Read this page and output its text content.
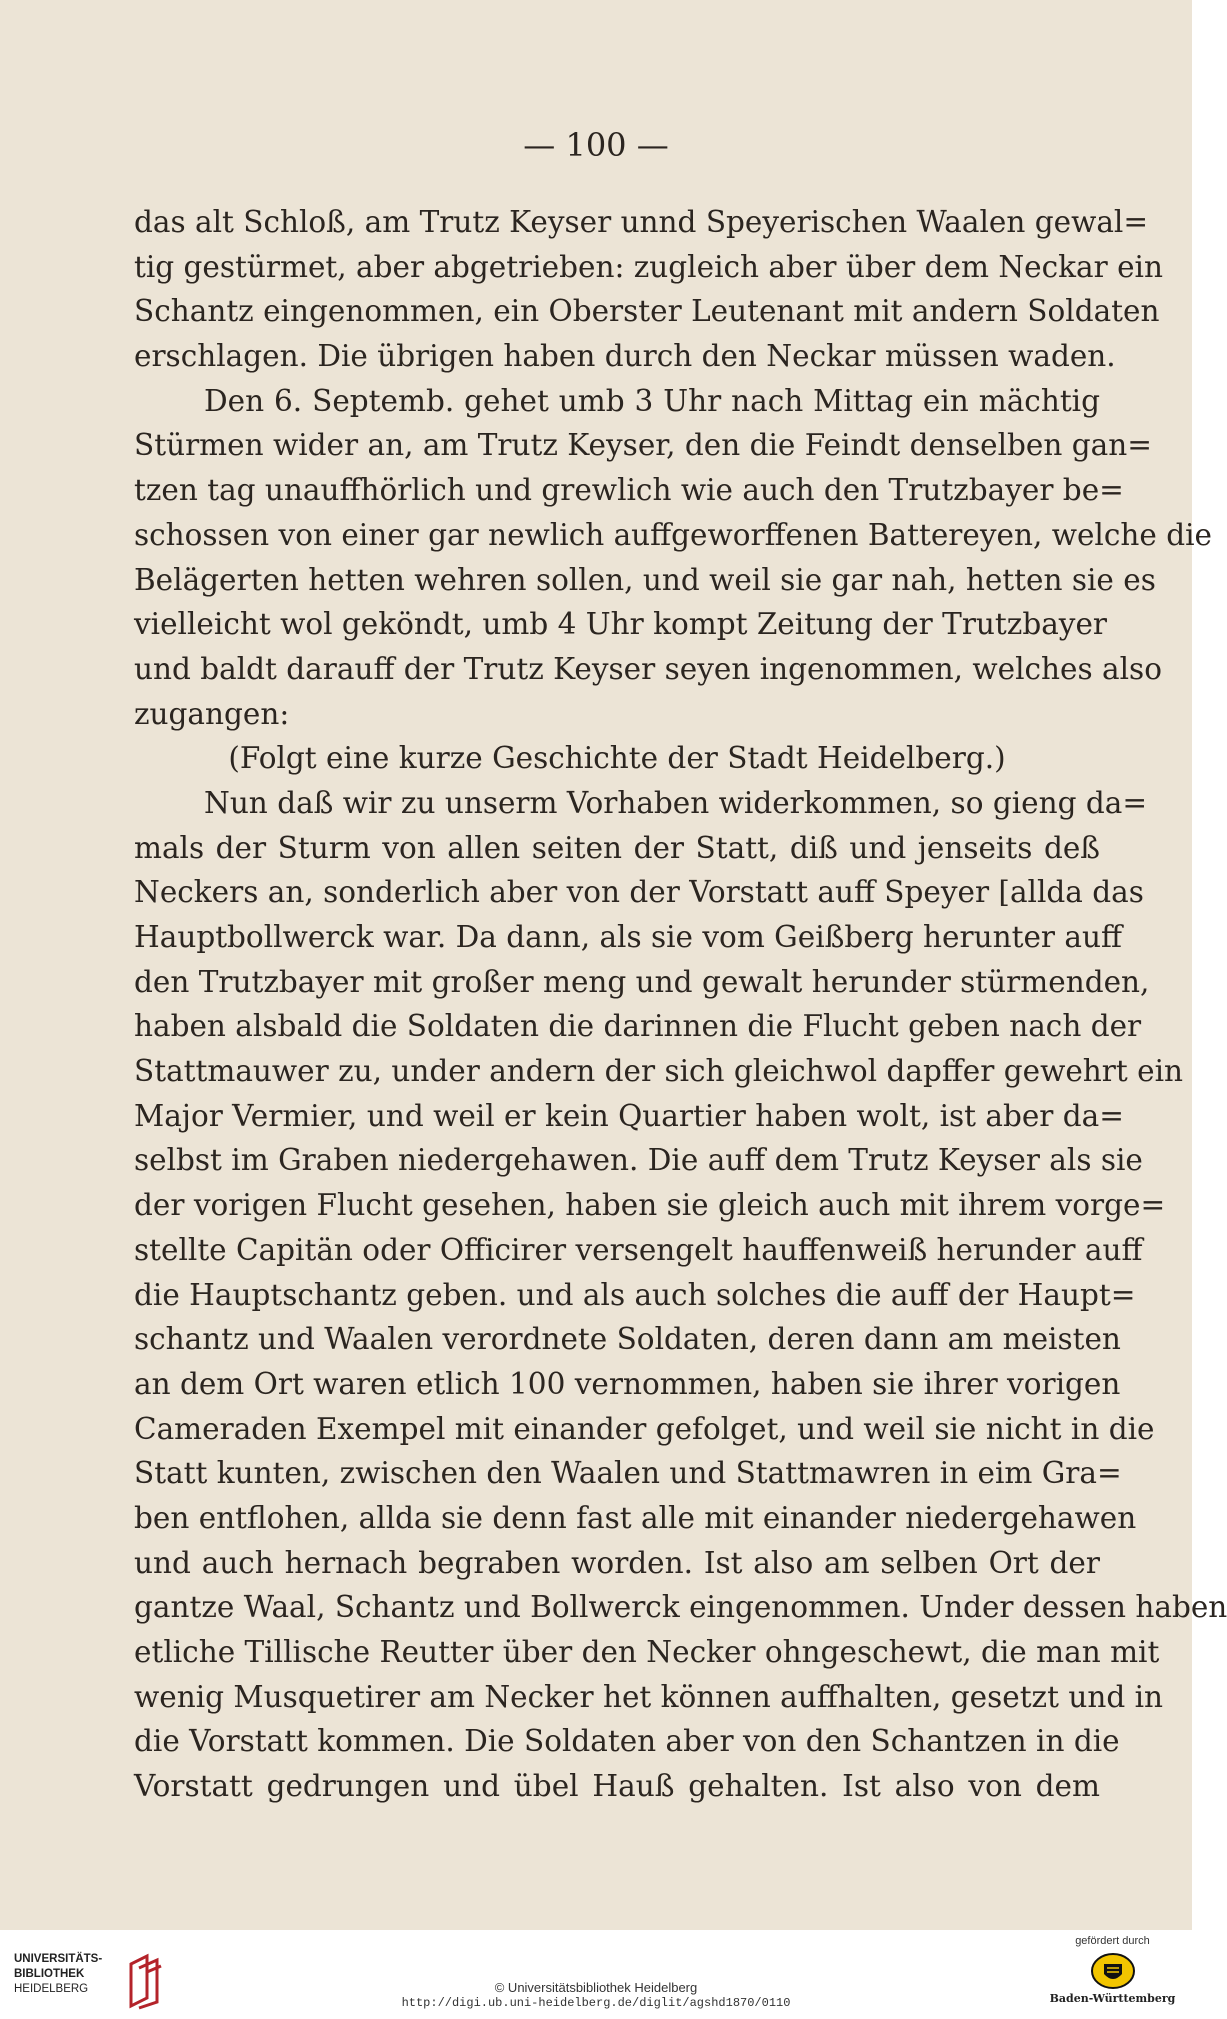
— 100 —
das alt Schloß, am Trutz Keyser unnd Speyerischen Waalen gewal=
tig gestürmet, aber abgetrieben: zugleich aber über dem Neckar ein
Schantz eingenommen, ein Oberster Leutenant mit andern Soldaten
erschlagen. Die übrigen haben durch den Neckar müssen waden.
Den 6. Septemb. gehet umb 3 Uhr nach Mittag ein mächtig
Stürmen wider an, am Trutz Keyser, den die Feindt denselben gan=
tzen tag unauffhörlich und grewlich wie auch den Trutzbayer be=
schossen von einer gar newlich auffgeworffenen Battereyen, welche die
Belägerten hetten wehren sollen, und weil sie gar nah, hetten sie es
vielleicht wol geköndt, umb 4 Uhr kompt Zeitung der Trutzbayer
und baldt darauff der Trutz Keyser seyen ingenommen, welches also
zugangen:
(Folgt eine kurze Geschichte der Stadt Heidelberg.)
Nun daß wir zu unserm Vorhaben widerkommen, so gieng da=
mals der Sturm von allen seiten der Statt, diß und jenseits deß
Neckers an, sonderlich aber von der Vorstatt auff Speyer [allda das
Hauptbollwerck war. Da dann, als sie vom Geißberg herunter auff
den Trutzbayer mit großer meng und gewalt herunder stürmenden,
haben alsbald die Soldaten die darinnen die Flucht geben nach der
Stattmauwer zu, under andern der sich gleichwol dapffer gewehrt ein
Major Vermier, und weil er kein Quartier haben wolt, ist aber da=
selbst im Graben niedergehawen. Die auff dem Trutz Keyser als sie
der vorigen Flucht gesehen, haben sie gleich auch mit ihrem vorge=
stellte Capitän oder Officirer versengelt hauffenweiß herunder auff
die Hauptschantz geben. und als auch solches die auff der Haupt=
schantz und Waalen verordnete Soldaten, deren dann am meisten
an dem Ort waren etlich 100 vernommen, haben sie ihrer vorigen
Cameraden Exempel mit einander gefolget, und weil sie nicht in die
Statt kunten, zwischen den Waalen und Stattmawren in eim Gra=
ben entflohen, allda sie denn fast alle mit einander niedergehawen
und auch hernach begraben worden. Ist also am selben Ort der
gantze Waal, Schantz und Bollwerck eingenommen. Under dessen haben
etliche Tillische Reutter über den Necker ohngeschewt, die man mit
wenig Musquetirer am Necker het können auffhalten, gesetzt und in
die Vorstatt kommen. Die Soldaten aber von den Schantzen in die
Vorstatt gedrungen und übel Hauß gehalten. Ist also von dem
UNIVERSITÄTS-
BIBLIOTHEK
HEIDELBERG	© Universitätsbibliothek Heidelberg
http://digi.ub.uni-heidelberg.de/diglit/agshd1870/0110
gefördert durch
Baden-Württemberg
